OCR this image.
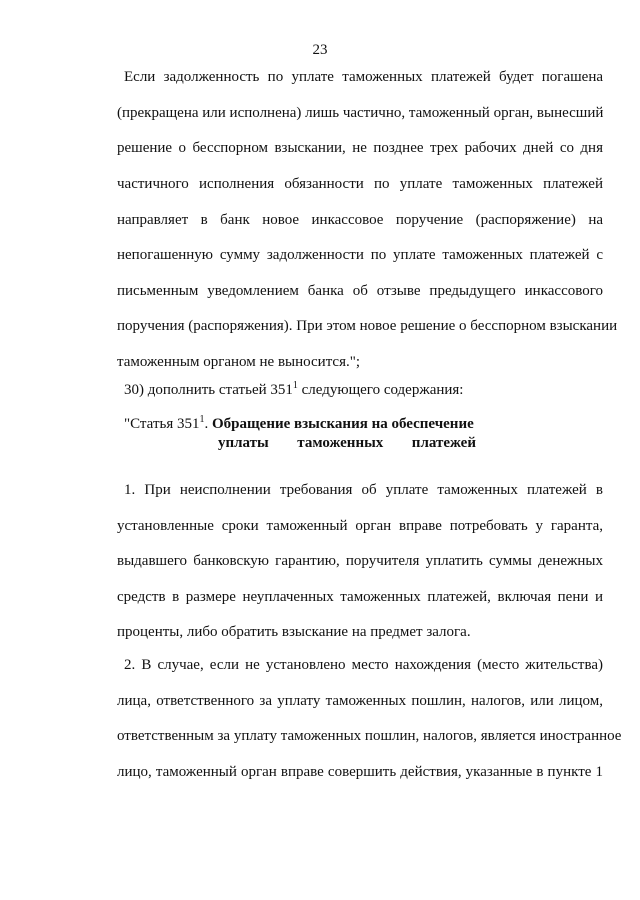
23
Если задолженность по уплате таможенных платежей будет погашена
(прекращена или исполнена) лишь частично, таможенный орган, вынесший
решение о бесспорном взыскании, не позднее трех рабочих дней со дня
частичного исполнения обязанности по уплате таможенных платежей
направляет в банк новое инкассовое поручение (распоряжение) на
непогашенную сумму задолженности по уплате таможенных платежей с
письменным уведомлением банка об отзыве предыдущего инкассового
поручения (распоряжения). При этом новое решение о бесспорном взыскании
таможенным органом не выносится.";
30) дополнить статьей $351^1$ следующего содержания:
"Статья $351^1$. Обращение взыскания на обеспечение
уплаты таможенных платежей
1. При неисполнении требования об уплате таможенных платежей в
установленные сроки таможенный орган вправе потребовать у гаранта,
выдавшего банковскую гарантию, поручителя уплатить суммы денежных
средств в размере неуплаченных таможенных платежей, включая пени и
проценты, либо обратить взыскание на предмет залога.
2. В случае, если не установлено место нахождения (место жительства)
лица, ответственного за уплату таможенных пошлин, налогов, или лицом,
ответственным за уплату таможенных пошлин, налогов, является иностранное
лицо, таможенный орган вправе совершить действия, указанные в пункте 1
